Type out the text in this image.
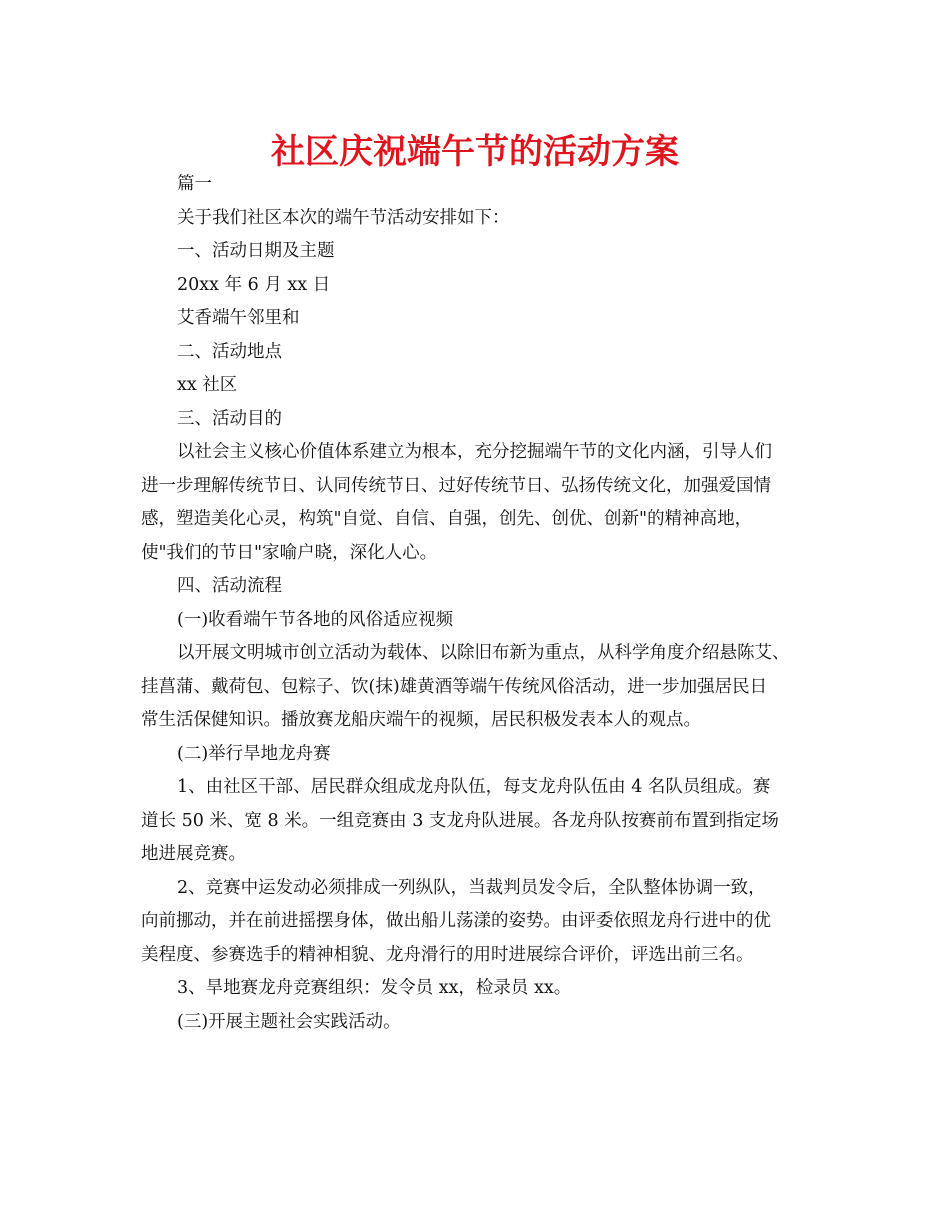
社区庆祝端午节的活动方案

篇一

关于我们社区本次的端午节活动安排如下：

一、活动日期及主题

20xx 年 6 月 xx 日

艾香端午邻里和

二、活动地点

xx 社区

三、活动目的

以社会主义核心价值体系建立为根本，充分挖掘端午节的文化内涵，引导人们

进一步理解传统节日、认同传统节日、过好传统节日、弘扬传统文化，加强爱国情

感，塑造美化心灵，构筑"自觉、自信、自强，创先、创优、创新"的精神高地，

使"我们的节日"家喻户晓，深化人心。

四、活动流程

(一)收看端午节各地的风俗适应视频

以开展文明城市创立活动为载体、以除旧布新为重点，从科学角度介绍悬陈艾、

挂菖蒲、戴荷包、包粽子、饮(抹)雄黄酒等端午传统风俗活动，进一步加强居民日

常生活保健知识。播放赛龙船庆端午的视频，居民积极发表本人的观点。

(二)举行旱地龙舟赛

1、由社区干部、居民群众组成龙舟队伍，每支龙舟队伍由 4 名队员组成。赛

道长 50 米、宽 8 米。一组竞赛由 3 支龙舟队进展。各龙舟队按赛前布置到指定场

地进展竞赛。

2、竞赛中运发动必须排成一列纵队，当裁判员发令后，全队整体协调一致，

向前挪动，并在前进摇摆身体，做出船儿荡漾的姿势。由评委依照龙舟行进中的优

美程度、参赛选手的精神相貌、龙舟滑行的用时进展综合评价，评选出前三名。

3、旱地赛龙舟竞赛组织：发令员 xx，检录员 xx。

(三)开展主题社会实践活动。
